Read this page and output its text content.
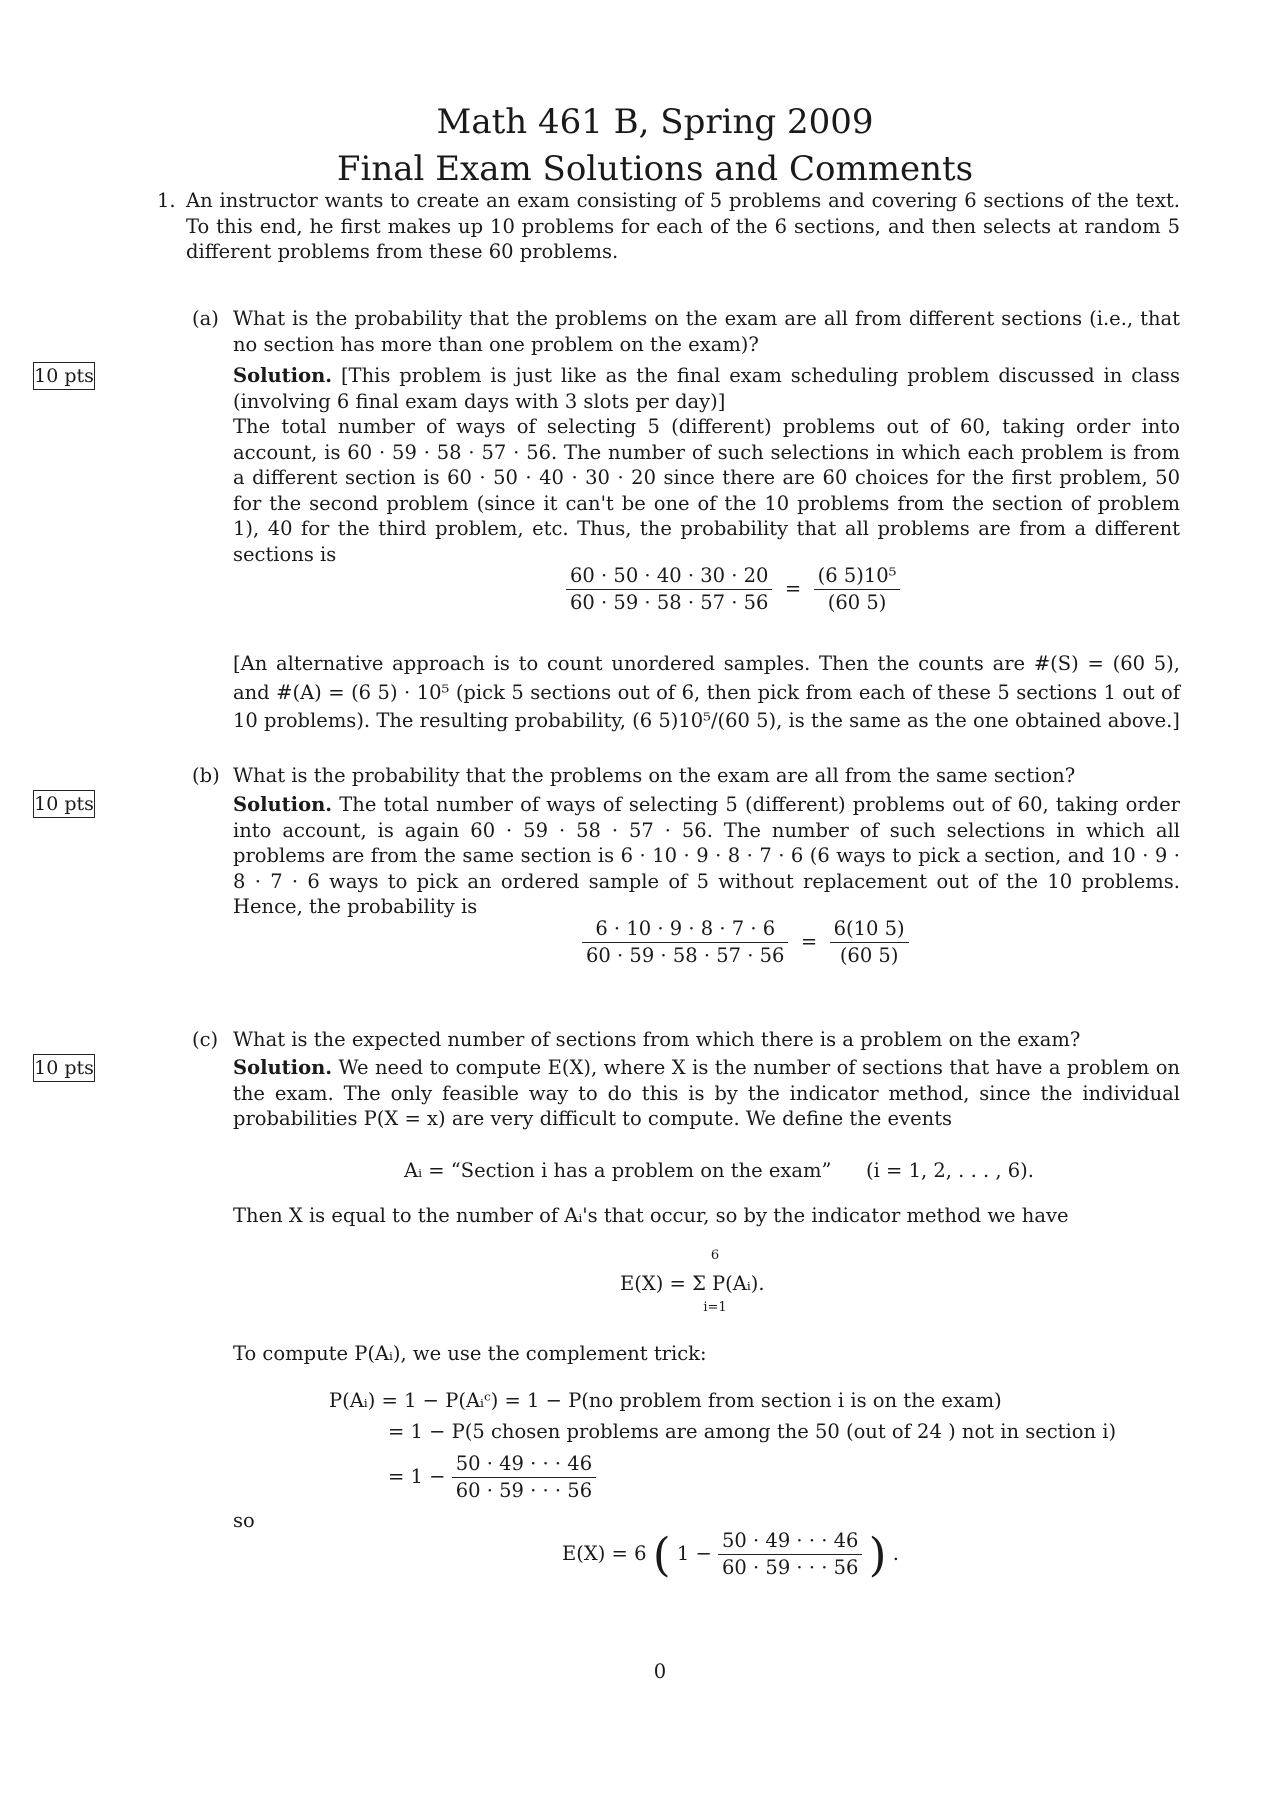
Math 461 B, Spring 2009
Final Exam Solutions and Comments
1. An instructor wants to create an exam consisting of 5 problems and covering 6 sections of the text. To this end, he first makes up 10 problems for each of the 6 sections, and then selects at random 5 different problems from these 60 problems.
(a) What is the probability that the problems on the exam are all from different sections (i.e., that no section has more than one problem on the exam)?
10 pts	Solution. [This problem is just like as the final exam scheduling problem discussed in class (involving 6 final exam days with 3 slots per day)]
The total number of ways of selecting 5 (different) problems out of 60, taking order into account, is 60 · 59 · 58 · 57 · 56. The number of such selections in which each problem is from a different section is 60 · 50 · 40 · 30 · 20 since there are 60 choices for the first problem, 50 for the second problem (since it can't be one of the 10 problems from the section of problem 1), 40 for the third problem, etc. Thus, the probability that all problems are from a different sections is
$\frac{60 \cdot 50 \cdot 40 \cdot 30 \cdot 20}{60 \cdot 59 \cdot 58 \cdot 57 \cdot 56} = \frac{\text{(6 5)10⁵}}{(60 5)}$
[An alternative approach is to count unordered samples. Then the counts are #(S) = (60 5), and #(A) = (6 5) · 10⁵ (pick 5 sections out of 6, then pick from each of these 5 sections 1 out of 10 problems). The resulting probability, (6 5)10⁵/(60 5), is the same as the one obtained above.]
(b) What is the probability that the problems on the exam are all from the same section?
10 pts	Solution. The total number of ways of selecting 5 (different) problems out of 60, taking order into account, is again 60 · 59 · 58 · 57 · 56. The number of such selections in which all problems are from the same section is 6 · 10 · 9 · 8 · 7 · 6 (6 ways to pick a section, and 10 · 9 · 8 · 7 · 6 ways to pick an ordered sample of 5 without replacement out of the 10 problems. Hence, the probability is
$\frac{6 \cdot 10 \cdot 9 \cdot 8 \cdot 7 \cdot 6}{60 \cdot 59 \cdot 58 \cdot 57 \cdot 56} = \frac{6(10 5)}{(60 5)}$
(c) What is the expected number of sections from which there is a problem on the exam?
10 pts	Solution. We need to compute E(X), where X is the number of sections that have a problem on the exam. The only feasible way to do this is by the indicator method, since the individual probabilities P(X = x) are very difficult to compute. We define the events
Aᵢ = “Section i has a problem on the exam” (i = 1, 2, . . . , 6).
Then X is equal to the number of Aᵢ's that occur, so by the indicator method we have
6
E(X) = Σ P(Aᵢ).
i=1
To compute P(Aᵢ), we use the complement trick:
P(Aᵢ) = 1 − P(Aᵢᶜ) = 1 − P(no problem from section i is on the exam)
= 1 − P(5 chosen problems are among the 50 (out of 24 ) not in section i)
= $1 - \frac{50 \cdot 49 \cdot \cdot \cdot 46}{60 \cdot 59 \cdot \cdot \cdot 56}$
so
E(X) = 6 ( $1 - \frac{50 \cdot 49 \cdot \cdot \cdot 46}{60 \cdot 59 \cdot \cdot \cdot 56}$ ) .
0
